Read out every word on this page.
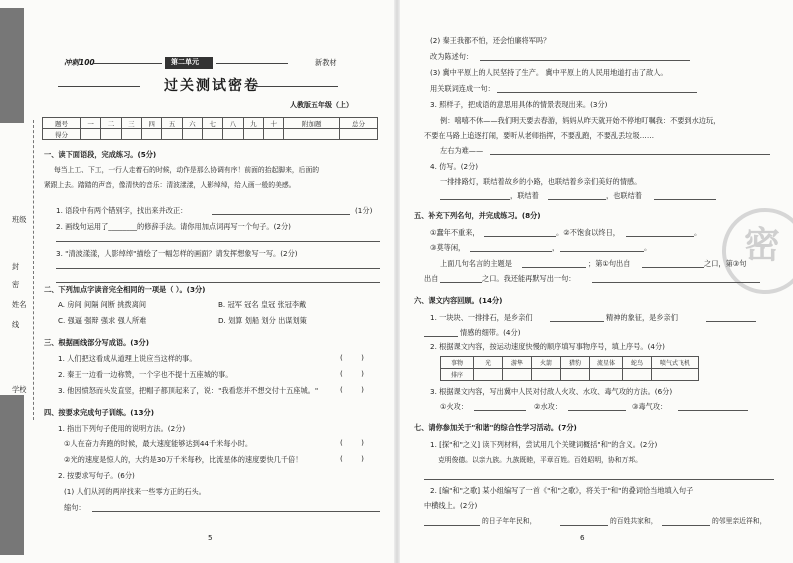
班级
姓名
密
封
线
学校
冲刺100	第二单元	新教材
过关测试密卷
人教版五年级（上）
题号	一	二	三	四	五	六	七	八	九	十	附加题	总分
得分												
一、读下面语段，完成练习。(5分)
每当上工、下工，一行人走着石的时候，动作是那么协调有序！前面的抬起脚来，后面的
紧跟上去。踏踏的声音，像清快的音乐：清波漾漾，人影绰绰，给人画一般的美感。
1. 语段中有两个错别字，找出来并改正：	(1分)
2. 画线句运用了________的修辞手法。请你用加点词再写一个句子。(2分)
3. "清波漾漾，人影绰绰"描绘了一幅怎样的画面？请发挥想象写一写。(2分)
二、下列加点字读音完全相同的一项是（ ）。(3分)
A. 房间 间隔 间断 挑拨离间	B. 冠军 冠名 皇冠 张冠李戴
C. 强逼 强辩 强求 强人所难	D. 划算 划船 划分 出谋划策
三、根据画线部分写成语。(3分)
1. 人们把这看成从道理上说应当这样的事。	(        )
2. 秦王一边看一边称赞，一个字也不提十五座城的事。	(        )
3. 他因愤怒而头发直竖，把帽子都顶起来了，说："我看您并不想交付十五座城。"	(        )
四、按要求完成句子训练。(13分)
1. 指出下列句子使用的说明方法。(2分)
①人在奋力奔跑的时候，最大速度能够达到44千米每小时。	(        )
②光的速度是惊人的，大约是30万千米每秒，比流星体的速度要快几千倍！	(        )
2. 按要求写句子。(6分)
(1) 人们从河的两岸找来一些零方正的石头。
缩句：
5
密
(2) 秦王我都不怕，还会怕廉将军吗？
改为陈述句：
(3) 冀中平原上的人民坚持了生产。 冀中平原上的人民用地道打击了敌人。
用关联词连成一句：
3. 照样子，把成语的意思用具体的情景表现出来。(3分)
例：嘻嘻不休——我们明天要去春游，妈妈从昨天就开始不停地叮嘱我：不要到水边玩，
不要在马路上追逐打闹，要听从老师指挥，不要乱跑，不要乱丢垃圾……
左右为难——
4. 仿写。(2分)
一排排路灯，联结着故乡的小路，也联结着乡亲们美好的情感。
，联结着	，也联结着
五、补充下列名句，并完成练习。(8分)
①蠢年不重来，	。②不饱食以终日，	。
③莫等闲，	，	。
上面几句名言的主题是	；第①句出自	之口，第③句
出自	之口。我还能再默写出一句：
六、课文内容回顾。(14分)
1. 一块块、一排排石，是乡亲们	精神的象征，是乡亲们
情感的细带。(4分)
2. 根据课文内容，按运动速度快慢的顺序填写事物序号，填上序号。(4分)
事物	光	游隼	火箭	猎豹	流星体	蛇鸟	喷气式飞机
排序							
3. 根据课文内容，写出冀中人民对付敌人火攻、水攻、毒气攻的方法。(6分)
①火攻：	②水攻：	③毒气攻：
七、请你参加关于"和谐"的综合性学习活动。(7分)
1. [探"和"之义] 读下列材料，尝试用几个关键词概括"和"的含义。(2分)
克明俊德。以亲九族。九族既睦，平章百姓。百姓昭明，协和万邦。
2. [编"和"之歌] 某小组编写了一首《"和"之歌》，将关于"和"的叠词恰当地填入句子
中横线上。(2分)
的日子年年民和，	的百姓共家和，	的邻里亲近祥和，
6
